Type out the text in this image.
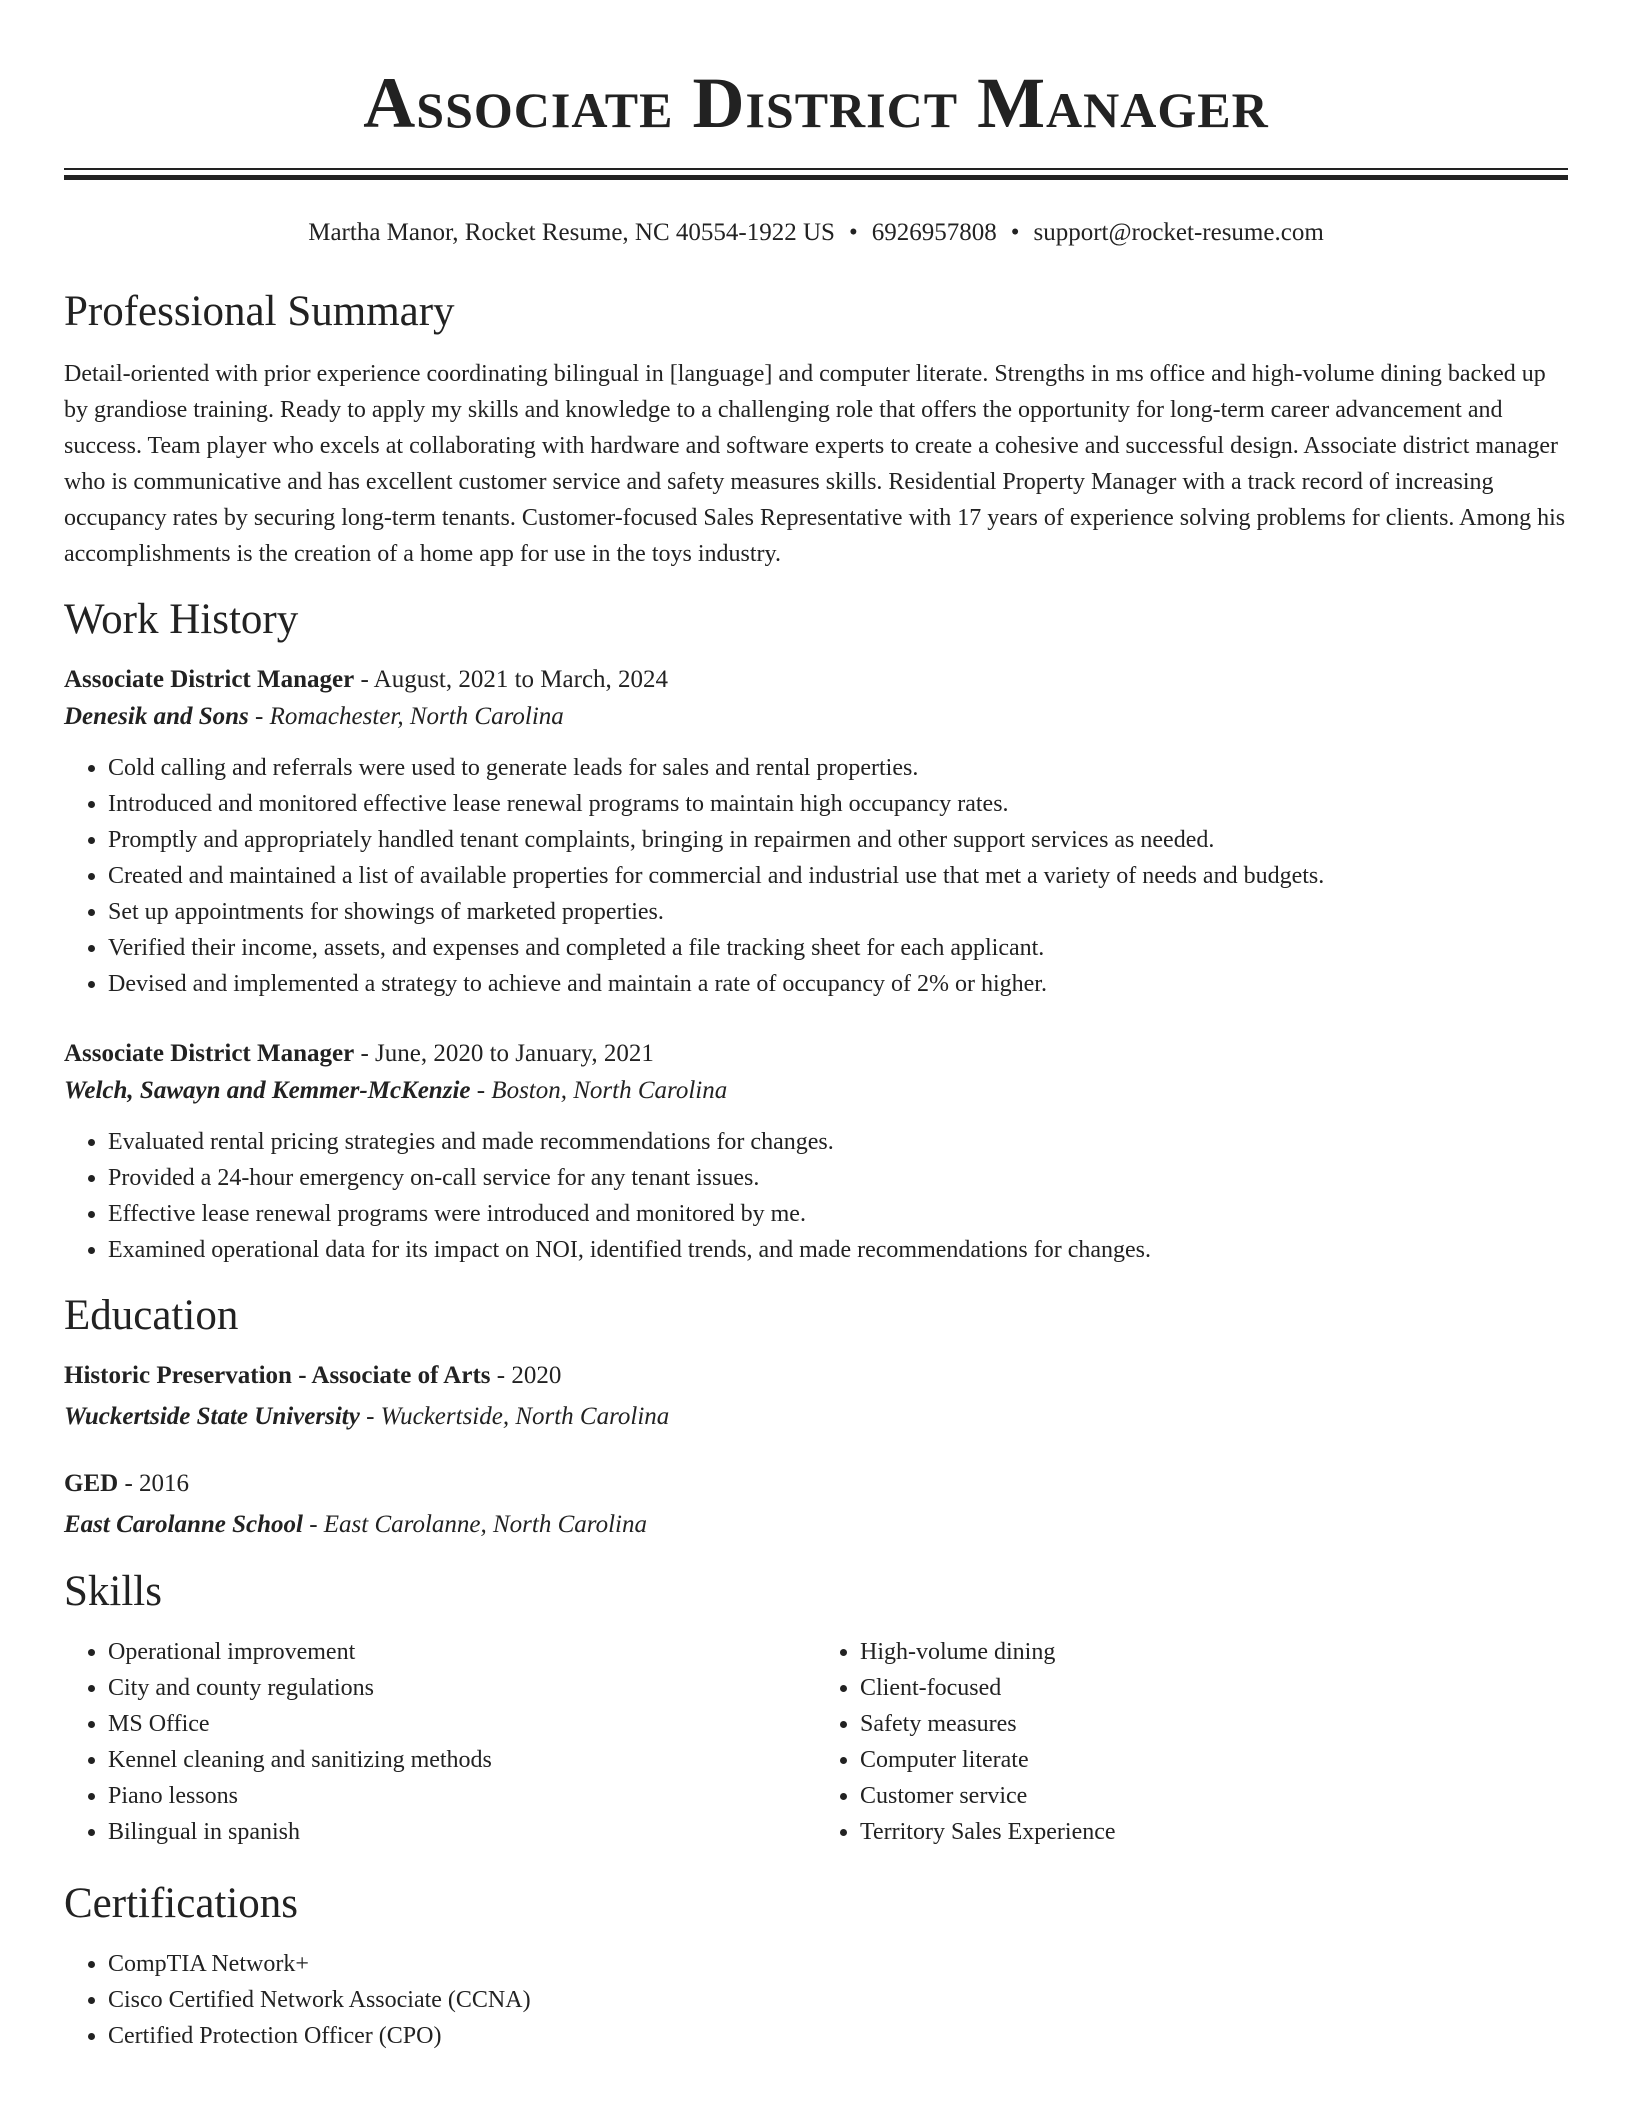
Associate District Manager
Martha Manor, Rocket Resume, NC 40554-1922 US • 6926957808 • support@rocket-resume.com
Professional Summary

Detail-oriented with prior experience coordinating bilingual in [language] and computer literate. Strengths in ms office and high-volume dining backed up by grandiose training. Ready to apply my skills and knowledge to a challenging role that offers the opportunity for long-term career advancement and success. Team player who excels at collaborating with hardware and software experts to create a cohesive and successful design. Associate district manager who is communicative and has excellent customer service and safety measures skills. Residential Property Manager with a track record of increasing occupancy rates by securing long-term tenants. Customer-focused Sales Representative with 17 years of experience solving problems for clients. Among his accomplishments is the creation of a home app for use in the toys industry.

Work History

Associate District Manager - August, 2021 to March, 2024

Denesik and Sons - Romachester, North Carolina

• Cold calling and referrals were used to generate leads for sales and rental properties.
• Introduced and monitored effective lease renewal programs to maintain high occupancy rates.
• Promptly and appropriately handled tenant complaints, bringing in repairmen and other support services as needed.
• Created and maintained a list of available properties for commercial and industrial use that met a variety of needs and budgets.
• Set up appointments for showings of marketed properties.
• Verified their income, assets, and expenses and completed a file tracking sheet for each applicant.
• Devised and implemented a strategy to achieve and maintain a rate of occupancy of 2% or higher.

Associate District Manager - June, 2020 to January, 2021

Welch, Sawayn and Kemmer-McKenzie - Boston, North Carolina

• Evaluated rental pricing strategies and made recommendations for changes.
• Provided a 24-hour emergency on-call service for any tenant issues.
• Effective lease renewal programs were introduced and monitored by me.
• Examined operational data for its impact on NOI, identified trends, and made recommendations for changes.
Education

Historic Preservation - Associate of Arts - 2020

Wuckertside State University - Wuckertside, North Carolina

GED - 2016

East Carolanne School - East Carolanne, North Carolina

Skills
• Operational improvement
• City and county regulations
• MS Office
• Kennel cleaning and sanitizing methods
• Piano lessons
• Bilingual in spanish
• High-volume dining
• Client-focused
• Safety measures
• Computer literate
• Customer service
• Territory Sales Experience
Certifications
• CompTIA Network+
• Cisco Certified Network Associate (CCNA)
• Certified Protection Officer (CPO)
